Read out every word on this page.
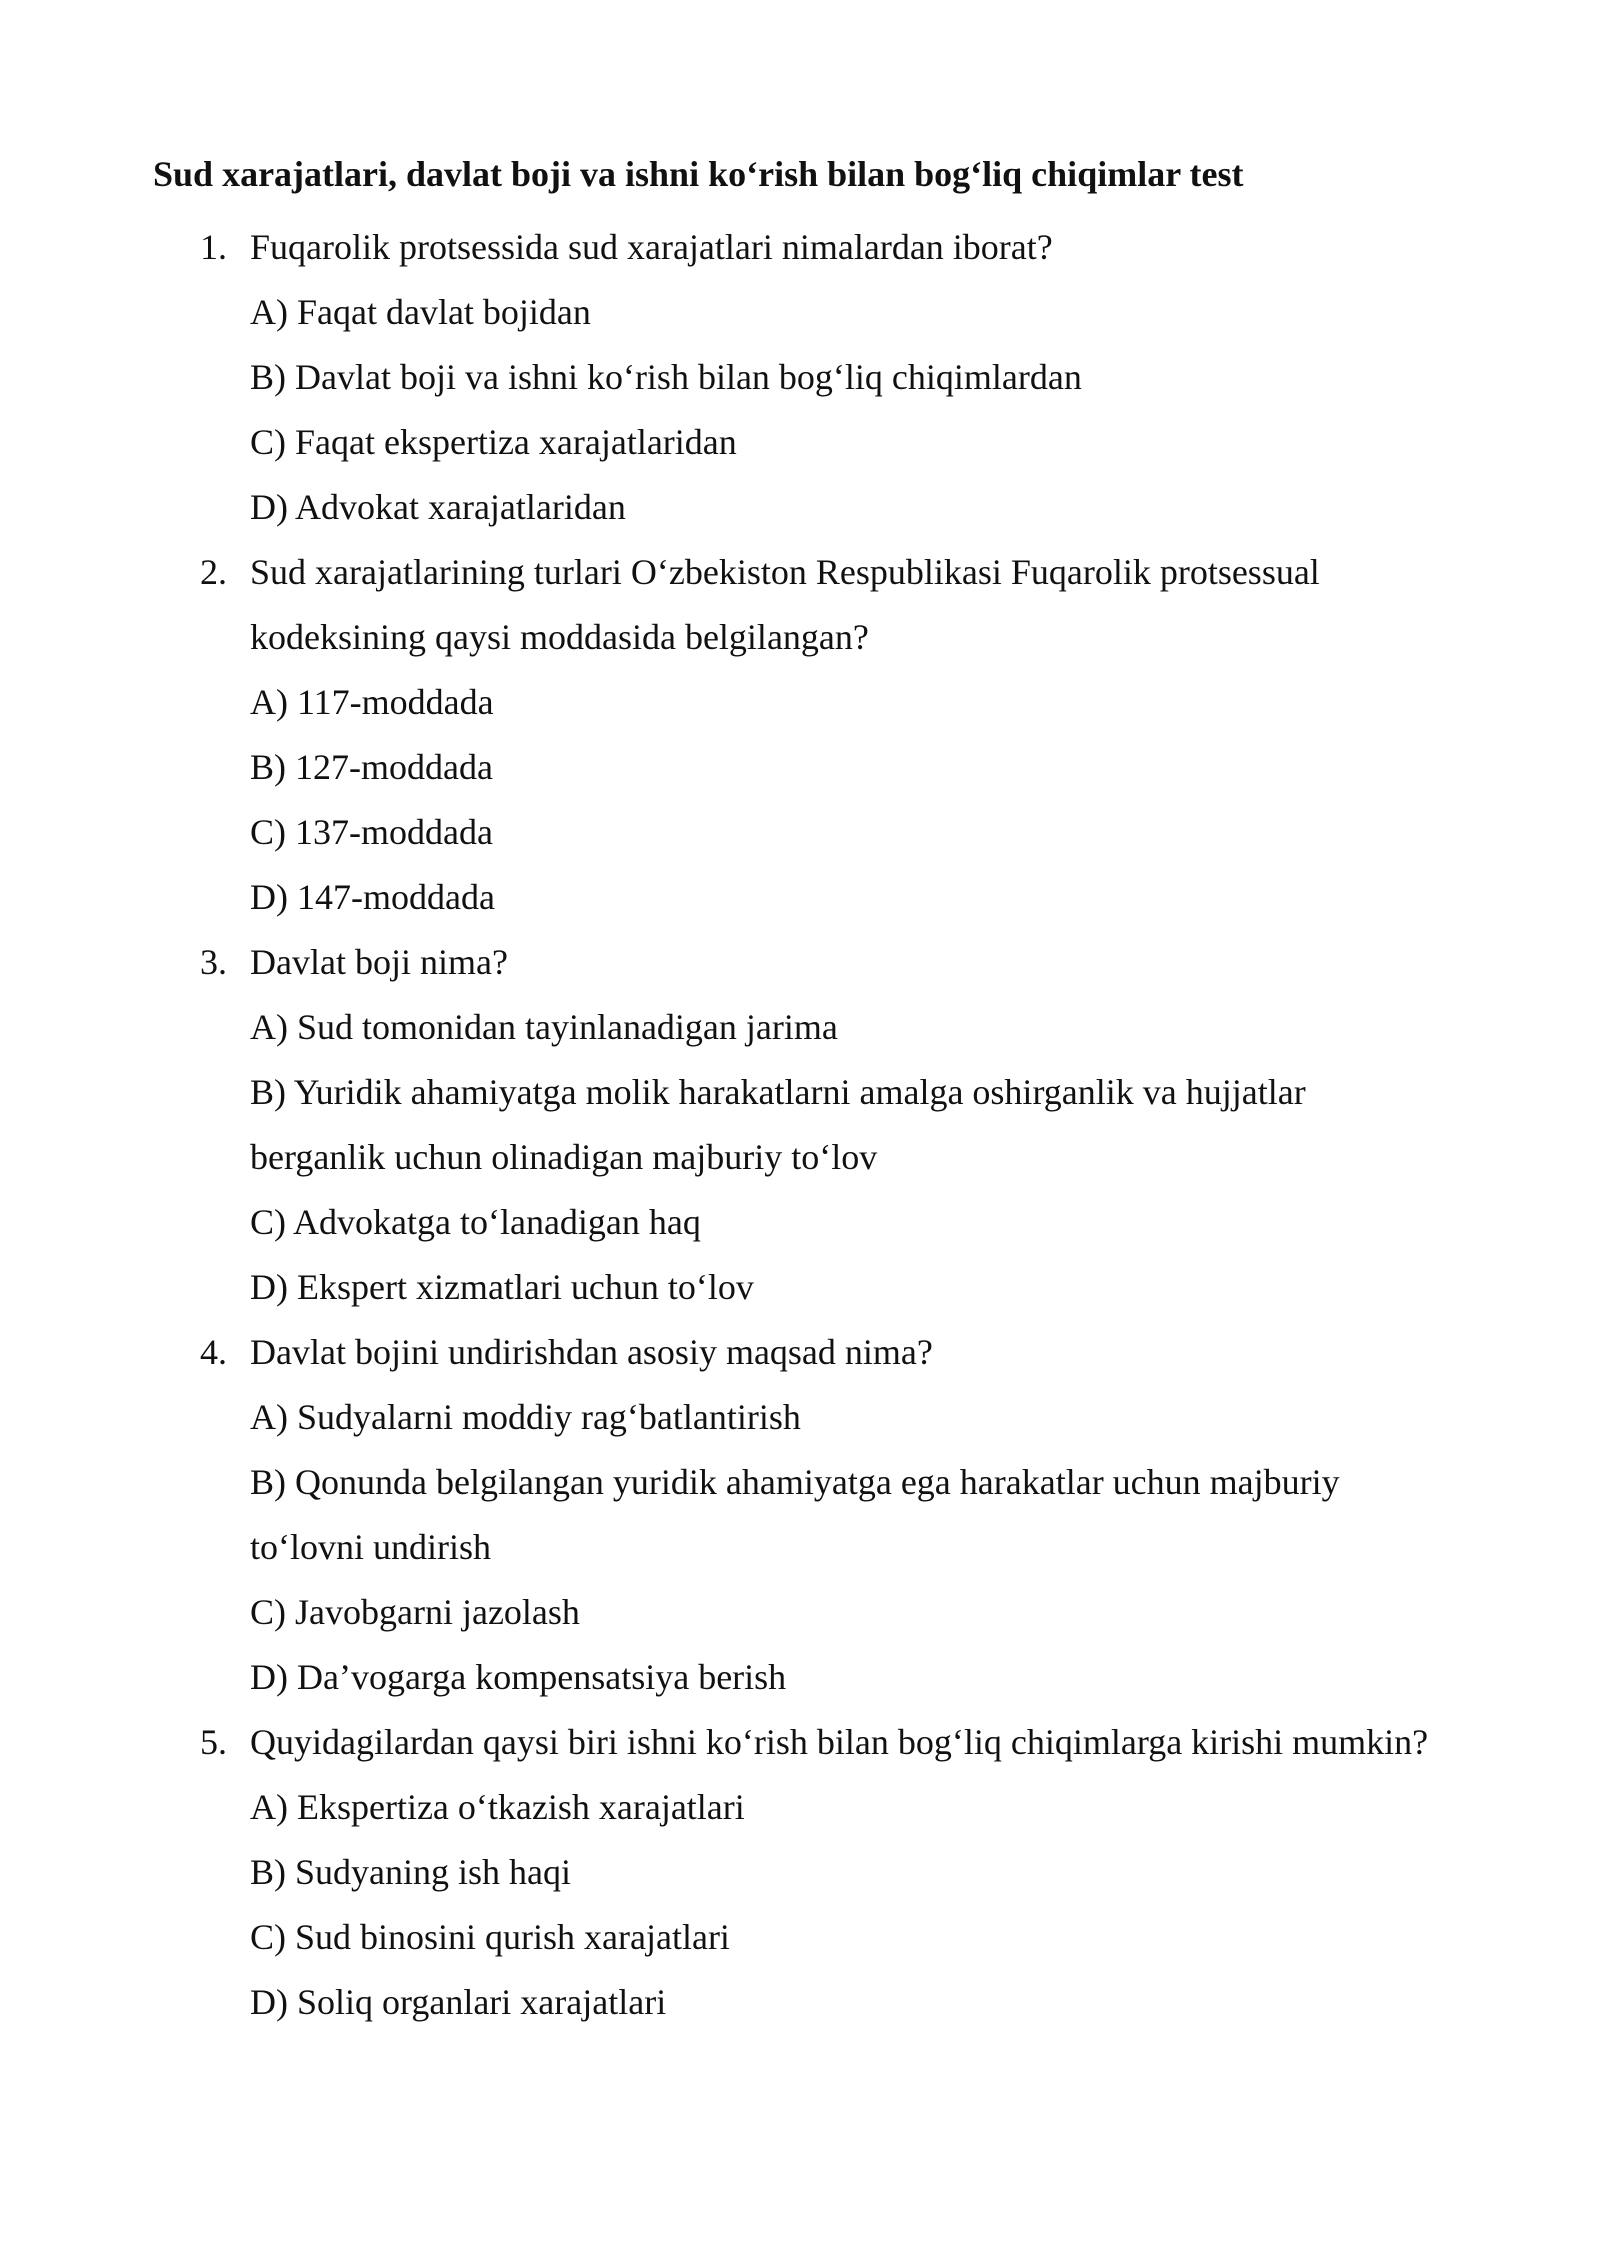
Sud xarajatlari, davlat boji va ishni ko‘rish bilan bog‘liq chiqimlar test
1. Fuqarolik protsessida sud xarajatlari nimalardan iborat?
A) Faqat davlat bojidan
B) Davlat boji va ishni ko‘rish bilan bog‘liq chiqimlardan
C) Faqat ekspertiza xarajatlaridan
D) Advokat xarajatlaridan
2. Sud xarajatlarining turlari O‘zbekiston Respublikasi Fuqarolik protsessual
kodeksining qaysi moddasida belgilangan?
A) 117-moddada
B) 127-moddada
C) 137-moddada
D) 147-moddada
3. Davlat boji nima?
A) Sud tomonidan tayinlanadigan jarima
B) Yuridik ahamiyatga molik harakatlarni amalga oshirganlik va hujjatlar
berganlik uchun olinadigan majburiy to‘lov
C) Advokatga to‘lanadigan haq
D) Ekspert xizmatlari uchun to‘lov
4. Davlat bojini undirishdan asosiy maqsad nima?
A) Sudyalarni moddiy rag‘batlantirish
B) Qonunda belgilangan yuridik ahamiyatga ega harakatlar uchun majburiy
to‘lovni undirish
C) Javobgarni jazolash
D) Da’vogarga kompensatsiya berish
5. Quyidagilardan qaysi biri ishni ko‘rish bilan bog‘liq chiqimlarga kirishi mumkin?
A) Ekspertiza o‘tkazish xarajatlari
B) Sudyaning ish haqi
C) Sud binosini qurish xarajatlari
D) Soliq organlari xarajatlari
